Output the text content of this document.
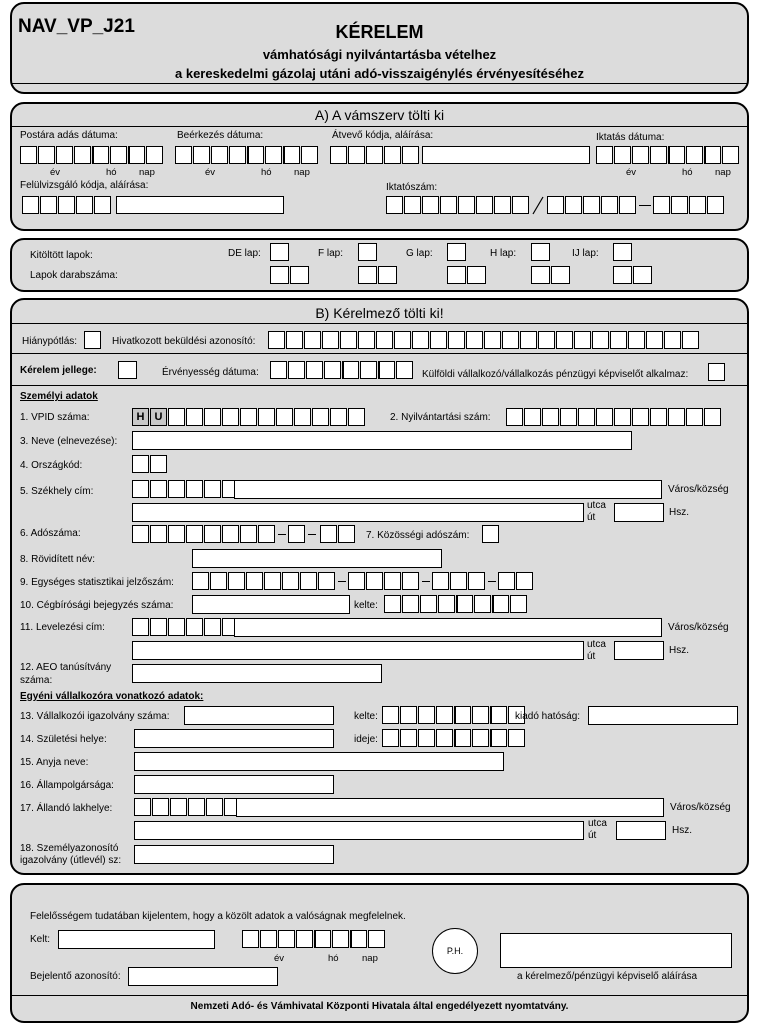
NAV_VP_J21	KÉRELEM
vámhatósági nyilvántartásba vételhez
a kereskedelmi gázolaj utáni adó-visszaigénylés érvényesítéséhez
A) A vámszerv tölti ki
Postára adás dátuma:
év	hó nap
Beérkezés dátuma:
év	hó nap
Átvevő kódja, aláírása:	Iktatás dátuma:
év	hó nap
Felülvizsgáló kódja, aláírása:	Iktatószám:
Kitöltött lapok:
Lapok darabszáma:
DE lap:	F lap:	G lap:	H lap:	IJ lap:
B) Kérelmező tölti ki!
Hiánypótlás:	Hivatkozott beküldési azonosító:
Kérelem jellege:	Érvényesség dátuma:	Külföldi vállalkozó/vállalkozás pénzügyi képviselőt alkalmaz:
Személyi adatok
1. VPID száma:	H U	2. Nyilvántartási szám:
3. Neve (elnevezése):
4. Országkód:
5. Székhely cím:	Város/község
utca
út	Hsz.
6. Adószáma:	7. Közösségi adószám:
8. Rövidített név:
9. Egységes statisztikai jelzőszám:
10. Cégbírósági bejegyzés száma:	kelte:
11. Levelezési cím:	Város/község
utca
út
Hsz.
12. AEO tanúsítvány
száma:
Egyéni vállalkozóra vonatkozó adatok:
13. Vállalkozói igazolvány száma:	kelte:	kiadó hatóság:
14. Születési helye:	ideje:
15. Anyja neve:
16. Állampolgársága:
17. Állandó lakhelye:	Város/község
utca
út	Hsz.
18. Személyazonosító
igazolvány (útlevél) sz:
Felelősségem tudatában kijelentem, hogy a közölt adatok a valóságnak megfelelnek.
Kelt:
év	hó nap
P.H.
a kérelmező/pénzügyi képviselő aláírása
Bejelentő azonosító:
Nemzeti Adó- és Vámhivatal Központi Hivatala által engedélyezett nyomtatvány.
